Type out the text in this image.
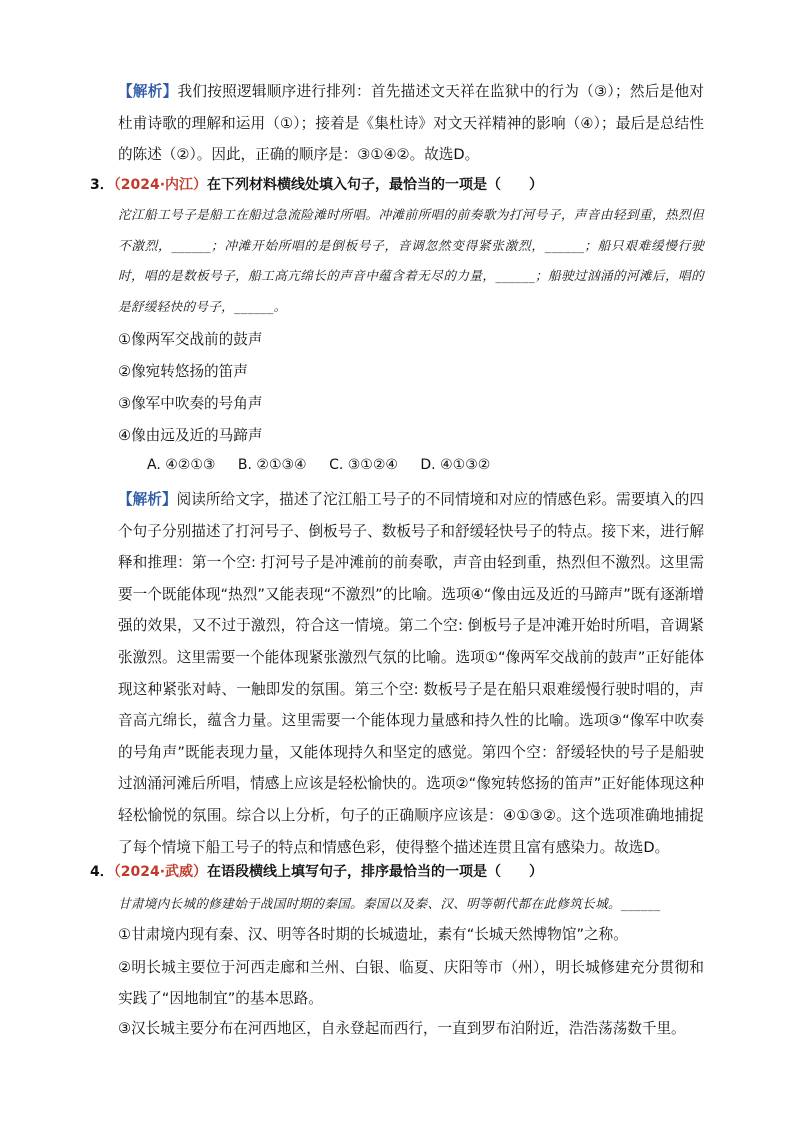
【解析】我们按照逻辑顺序进行排列：首先描述文天祥在监狱中的行为（③）；然后是他对杜甫诗歌的理解和运用（①）；接着是《集杜诗》对文天祥精神的影响（④）；最后是总结性的陈述（②）。因此，正确的顺序是：③①④②。故选D。
3．（2024·内江）在下列材料横线处填入句子，最恰当的一项是（　　）
沱江船工号子是船工在船过急流险滩时所唱。冲滩前所唱的前奏歌为打河号子，声音由轻到重，热烈但不激烈，______；冲滩开始所唱的是倒板号子，音调忽然变得紧张激烈，______；船只艰难缓慢行驶时，唱的是数板号子，船工高亢绵长的声音中蕴含着无尽的力量，______；船驶过汹涌的河滩后，唱的是舒缓轻快的号子，______。
①像两军交战前的鼓声
②像宛转悠扬的笛声
③像军中吹奏的号角声
④像由远及近的马蹄声
A. ④②①③ B. ②①③④ C. ③①②④ D. ④①③②
【解析】阅读所给文字，描述了沱江船工号子的不同情境和对应的情感色彩。需要填入的四个句子分别描述了打河号子、倒板号子、数板号子和舒缓轻快号子的特点。接下来，进行解释和推理：第一个空: 打河号子是冲滩前的前奏歌，声音由轻到重，热烈但不激烈。这里需要一个既能体现“热烈”又能表现“不激烈”的比喻。选项④“像由远及近的马蹄声”既有逐渐增强的效果，又不过于激烈，符合这一情境。第二个空: 倒板号子是冲滩开始时所唱，音调紧张激烈。这里需要一个能体现紧张激烈气氛的比喻。选项①“像两军交战前的鼓声”正好能体现这种紧张对峙、一触即发的氛围。第三个空: 数板号子是在船只艰难缓慢行驶时唱的，声音高亢绵长，蕴含力量。这里需要一个能体现力量感和持久性的比喻。选项③“像军中吹奏的号角声”既能表现力量，又能体现持久和坚定的感觉。第四个空：舒缓轻快的号子是船驶过汹涌河滩后所唱，情感上应该是轻松愉快的。选项②“像宛转悠扬的笛声”正好能体现这种轻松愉悦的氛围。综合以上分析，句子的正确顺序应该是：④①③②。这个选项准确地捕捉了每个情境下船工号子的特点和情感色彩，使得整个描述连贯且富有感染力。故选D。
4．（2024·武威）在语段横线上填写句子，排序最恰当的一项是（　　）
甘肃境内长城的修建始于战国时期的秦国。秦国以及秦、汉、明等朝代都在此修筑长城。______
①甘肃境内现有秦、汉、明等各时期的长城遗址，素有“长城天然博物馆”之称。
②明长城主要位于河西走廊和兰州、白银、临夏、庆阳等市（州），明长城修建充分贯彻和实践了“因地制宜”的基本思路。
③汉长城主要分布在河西地区，自永登起而西行，一直到罗布泊附近，浩浩荡荡数千里。
